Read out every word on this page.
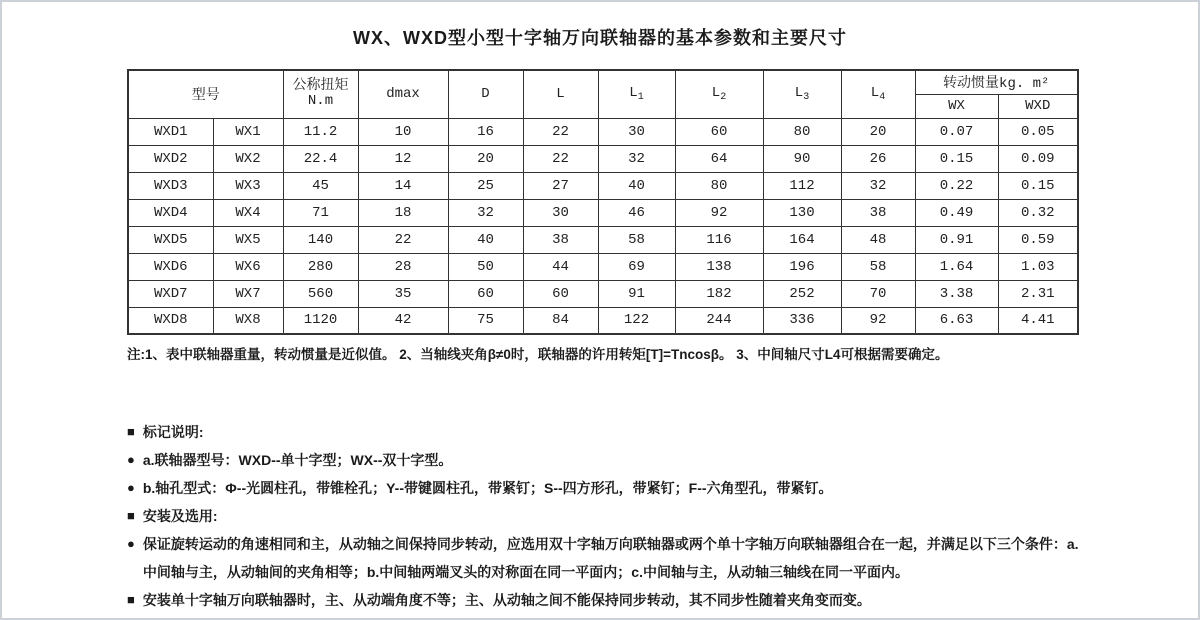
WX、WXD型小型十字轴万向联轴器的基本参数和主要尺寸
型号		公称扭矩
N.m	dmax	D	L	$L_1$	$L_2$	$L_3$	$L_4$	转动惯量kg. m²	
										WX	WXD
WXD1	WX1	11.2	10	16	22	30	60	80	20	0.07	0.05
WXD2	WX2	22.4	12	20	22	32	64	90	26	0.15	0.09
WXD3	WX3	45	14	25	27	40	80	112	32	0.22	0.15
WXD4	WX4	71	18	32	30	46	92	130	38	0.49	0.32
WXD5	WX5	140	22	40	38	58	116	164	48	0.91	0.59
WXD6	WX6	280	28	50	44	69	138	196	58	1.64	1.03
WXD7	WX7	560	35	60	60	91	182	252	70	3.38	2.31
WXD8	WX8	1120	42	75	84	122	244	336	92	6.63	4.41
注:1、表中联轴器重量，转动惯量是近似值。 2、当轴线夹角β≠0时，联轴器的许用转矩[T]=Tncosβ。 3、中间轴尺寸L4可根据需要确定。
■ 标记说明:
● a.联轴器型号：WXD--单十字型；WX--双十字型。
● b.轴孔型式：Φ--光圆柱孔，带锥栓孔；Y--带键圆柱孔，带紧钉；S--四方形孔，带紧钉；F--六角型孔，带紧钉。
■ 安装及选用:
● 保证旋转运动的角速相同和主，从动轴之间保持同步转动，应选用双十字轴万向联轴器或两个单十字轴万向联轴器组合在一起，并满足以下三个条件：a.中间轴与主，从动轴间的夹角相等；b.中间轴两端叉头的对称面在同一平面内；c.中间轴与主，从动轴三轴线在同一平面内。
■ 安装单十字轴万向联轴器时，主、从动端角度不等；主、从动轴之间不能保持同步转动，其不同步性随着夹角变而变。
